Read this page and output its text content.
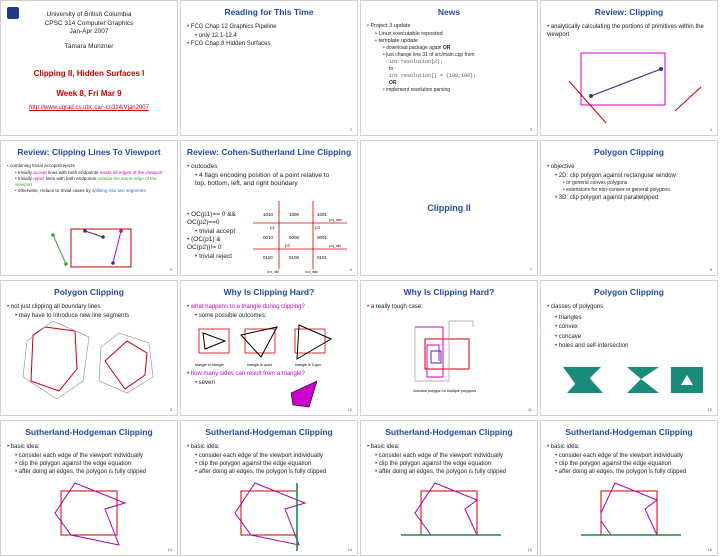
University of British Columbia
CPSC 314 Computer Graphics
Jan-Apr 2007
Tamara Munzner
Clipping II, Hidden Surfaces I
Week 8, Fri Mar 9
http://www.ugrad.cs.ubc.ca/~cs314/Vjan2007
Reading for This Time
• FCG Chap 12 Graphics Pipeline
• only 12.1-12.4
• FCG Chap 8 Hidden Surfaces
2
News
• Project 3 update
• Linux executable reposted
• template update
• download package again OR
• just change line 31 of src/main.cpp from
int resolution[2];
to
int resolution[] = {100,100};
OR
• implement resolution parsing
3
Review: Clipping
• analytically calculating the portions of primitives within the viewport
4
Review: Clipping Lines To Viewport
• combining trivial accepts/rejects
• trivially accept lines with both endpoints inside all edges of the viewport
• trivially reject lines with both endpoints outside the same edge of the viewport
• otherwise, reduce to trivial cases by splitting into two segments
5
Review: Cohen-Sutherland Line Clipping
• outcodes
• 4 flags encoding position of a point relative to top, bottom, left, and right boundary
• OC(p1)== 0 && OC(p2)==0
• trivial accept
• (OC(p1) & OC(p2))!= 0
• trivial reject
1010	1000	1001
0010	0000	0001
0110	0100	0101
p1
p2
p3
y=y_max
y=y_min
x=x_min	x=x_max	6
Clipping II
7
Polygon Clipping
• objective
• 2D: clip polygon against rectangular window
• or general convex polygons
• extensions for non-convex or general polygons
• 3D: clip polygon against parallelpiped
8
Polygon Clipping
• not just clipping all boundary lines
• may have to introduce new line segments
9
Why Is Clipping Hard?
• what happens to a triangle during clipping?
• some possible outcomes:
triangle to triangle	triangle to quad	triangle to 5-gon
• how many sides can result from a triangle?
• seven
10
Why Is Clipping Hard?
• a really tough case:
concave polygon to multiple polygons
11
Polygon Clipping
• classes of polygons
• triangles
• convex
• concave
• holes and self-intersection
12
Sutherland-Hodgeman Clipping
• basic idea:
• consider each edge of the viewport individually
• clip the polygon against the edge equation
• after doing all edges, the polygon is fully clipped
13
Sutherland-Hodgeman Clipping
• basic idea:
• consider each edge of the viewport individually
• clip the polygon against the edge equation
• after doing all edges, the polygon is fully clipped
14
Sutherland-Hodgeman Clipping
• basic idea:
• consider each edge of the viewport individually
• clip the polygon against the edge equation
• after doing all edges, the polygon is fully clipped
15
Sutherland-Hodgeman Clipping
• basic idea:
• consider each edge of the viewport individually
• clip the polygon against the edge equation
• after doing all edges, the polygon is fully clipped
16
